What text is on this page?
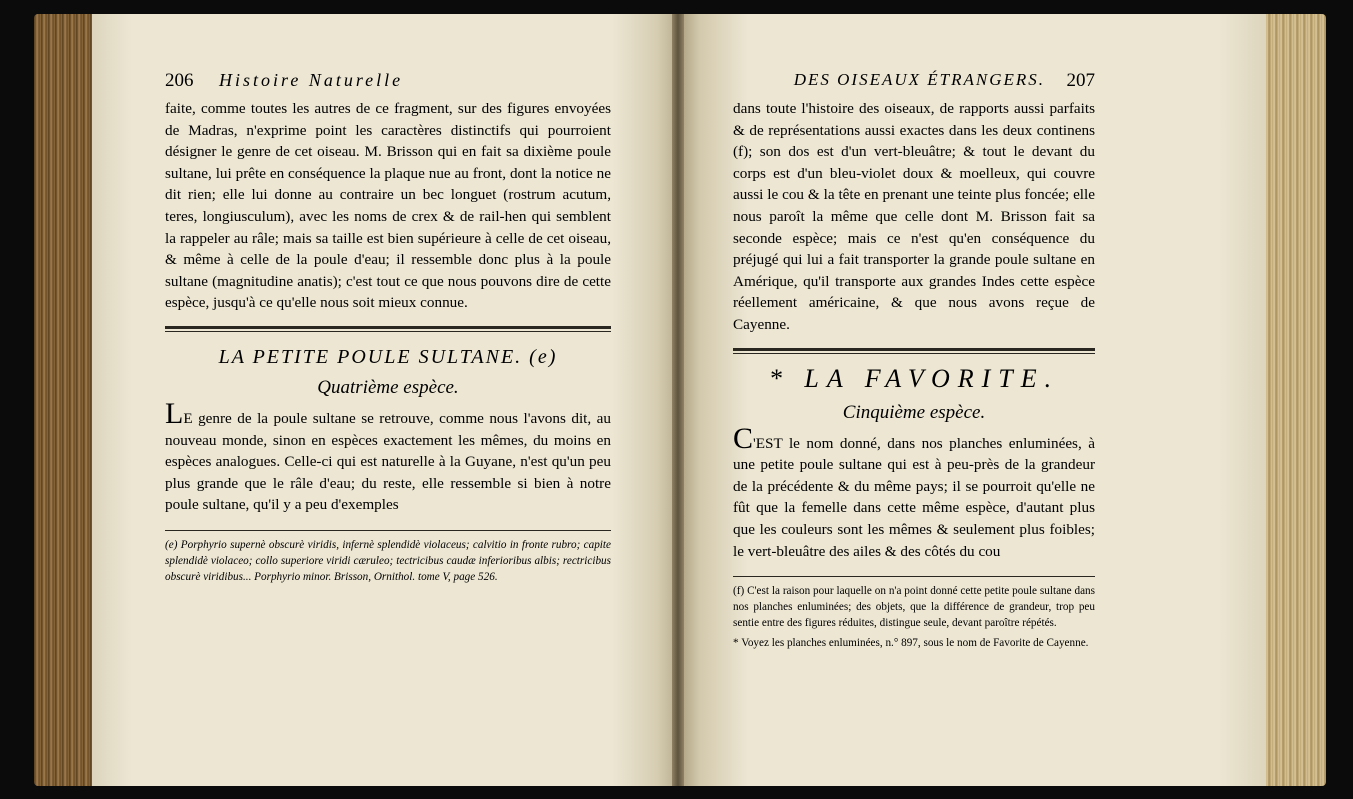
206 Histoire Naturelle

faite, comme toutes les autres de ce fragment, sur des figures envoyées de Madras, n'exprime point les caractères distinctifs qui pourroient désigner le genre de cet oiseau. M. Brisson qui en fait sa dixième poule sultane, lui prête en conséquence la plaque nue au front, dont la notice ne dit rien; elle lui donne au contraire un bec longuet (rostrum acutum, teres, longiusculum), avec les noms de crex & de rail-hen qui semblent la rappeler au râle; mais sa taille est bien supérieure à celle de cet oiseau, & même à celle de la poule d'eau; il ressemble donc plus à la poule sultane (magnitudine anatis); c'est tout ce que nous pouvons dire de cette espèce, jusqu'à ce qu'elle nous soit mieux connue.

LA PETITE POULE SULTANE. (e)
Quatrième espèce.

LE genre de la poule sultane se retrouve, comme nous l'avons dit, au nouveau monde, sinon en espèces exactement les mêmes, du moins en espèces analogues. Celle-ci qui est naturelle à la Guyane, n'est qu'un peu plus grande que le râle d'eau; du reste, elle ressemble si bien à notre poule sultane, qu'il y a peu d'exemples

(e) Porphyrio supernè obscurè viridis, infernè splendidè violaceus; calvitio in fronte rubro; capite splendidè violaceo; collo superiore viridi cæruleo; tectricibus caudæ inferioribus albis; rectricibus obscurè viridibus... Porphyrio minor. Brisson, Ornithol. tome V, page 526.

DES OISEAUX ÉTRANGERS. 207

dans toute l'histoire des oiseaux, de rapports aussi parfaits & de représentations aussi exactes dans les deux continens (f); son dos est d'un vert-bleuâtre; & tout le devant du corps est d'un bleu-violet doux & moelleux, qui couvre aussi le cou & la tête en prenant une teinte plus foncée; elle nous paroît la même que celle dont M. Brisson fait sa seconde espèce; mais ce n'est qu'en conséquence du préjugé qui lui a fait transporter la grande poule sultane en Amérique, qu'il transporte aux grandes Indes cette espèce réellement américaine, & que nous avons reçue de Cayenne.

* LA FAVORITE.
Cinquième espèce.

C'EST le nom donné, dans nos planches enluminées, à une petite poule sultane qui est à peu-près de la grandeur de la précédente & du même pays; il se pourroit qu'elle ne fût que la femelle dans cette même espèce, d'autant plus que les couleurs sont les mêmes & seulement plus foibles; le vert-bleuâtre des ailes & des côtés du cou

(f) C'est la raison pour laquelle on n'a point donné cette petite poule sultane dans nos planches enluminées; des objets, que la différence de grandeur, trop peu sentie entre des figures réduites, distingue seule, devant paroître répétés.

* Voyez les planches enluminées, n.° 897, sous le nom de Favorite de Cayenne.
